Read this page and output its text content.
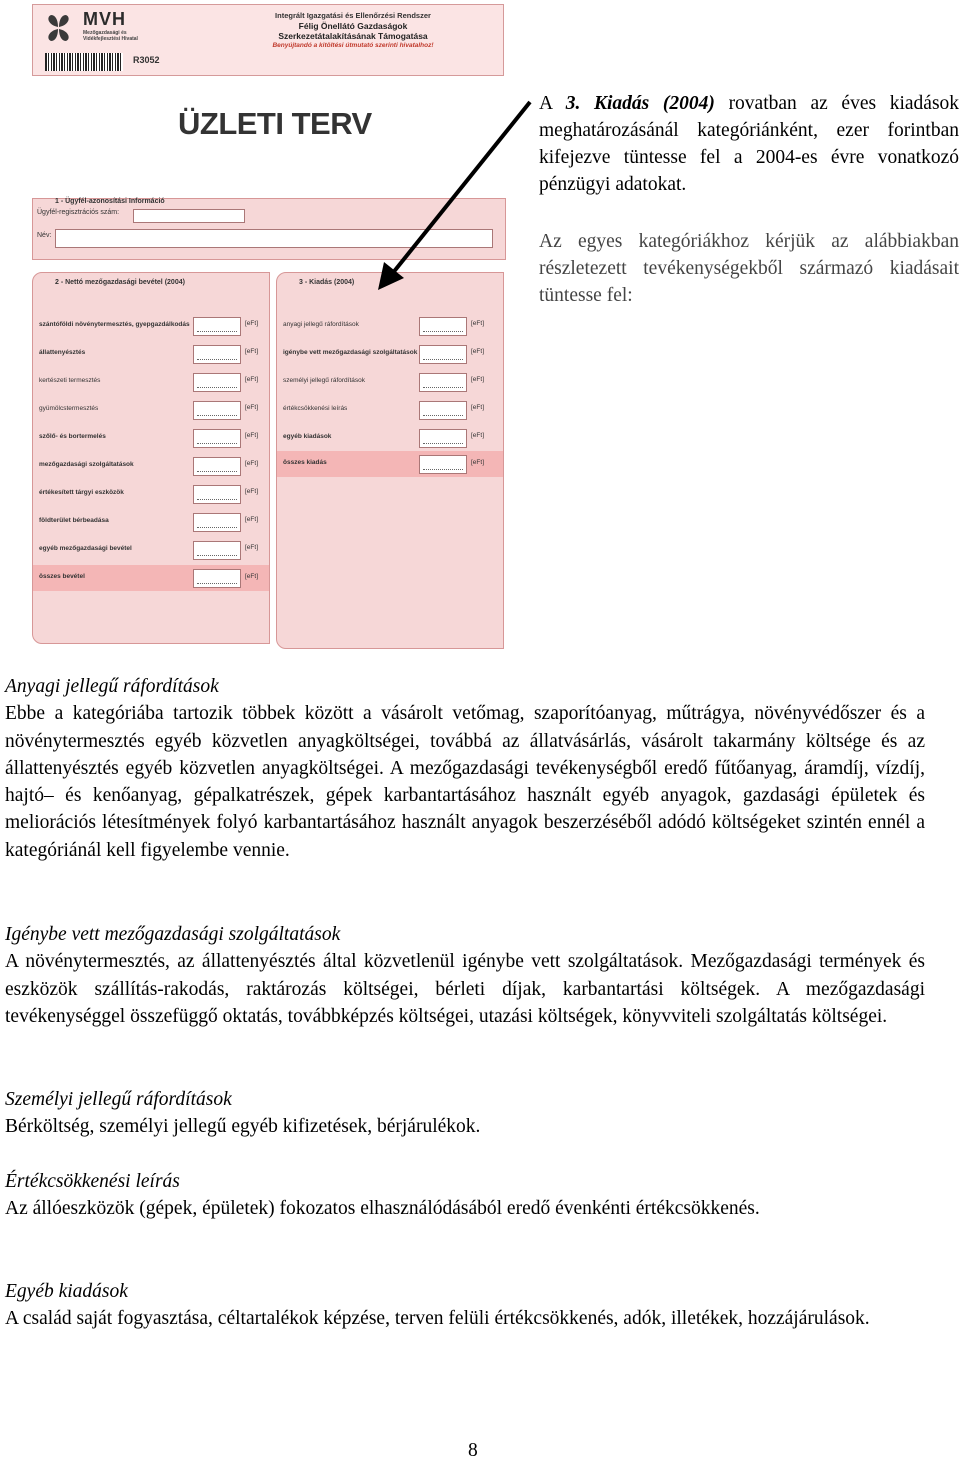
MVH
Mezőgazdasági és Vidékfejlesztési Hivatal
Integrált Igazgatási és Ellenőrzési Rendszer
Félig Önellátó Gazdaságok
Szerkezetátalakításának Támogatása
Benyújtandó a kitöltési útmutató szerinti hivatalhoz!
R3052
ÜZLETI TERV
1 - Ügyfél-azonosítási Információ
Ügyfél-regisztrációs szám:
Név:
2 - Nettó mezőgazdasági bevétel (2004)
szántóföldi növénytermesztés, gyepgazdálkodás	[eFt]
állattenyésztés	[eFt]
kertészeti termesztés	[eFt]
gyümölcstermesztés	[eFt]
szőlő- és bortermelés	[eFt]
mezőgazdasági szolgáltatások	[eFt]
értékesített tárgyi eszközök	[eFt]
földterület bérbeadása	[eFt]
egyéb mezőgazdasági bevétel	[eFt]
összes bevétel	[eFt]
3 - Kiadás (2004)
anyagi jellegű ráfordítások	[eFt]
igénybe vett mezőgazdasági szolgáltatások	[eFt]
személyi jellegű ráfordítások	[eFt]
értékcsökkenési leírás	[eFt]
egyéb kiadások	[eFt]
összes kiadás	[eFt]

A 3. Kiadás (2004) rovatban az éves kiadások meghatározásánál kategóriánként, ezer forintban kifejezve tüntesse fel a 2004-es évre vonatkozó pénzügyi adatokat.

Az egyes kategóriákhoz kérjük az alábbiakban részletezett tevékenységekből származó kiadásait tüntesse fel:

Anyagi jellegű ráfordítások

Ebbe a kategóriába tartozik többek között a vásárolt vetőmag, szaporítóanyag, műtrágya, növényvédőszer és a növénytermesztés egyéb közvetlen anyagköltségei, továbbá az állatvásárlás, vásárolt takarmány költsége és az állattenyésztés egyéb közvetlen anyagköltségei. A mezőgazdasági tevékenységből eredő fűtőanyag, áramdíj, vízdíj, hajtó– és kenőanyag, gépalkatrészek, gépek karbantartásához használt egyéb anyagok, gazdasági épületek és meliorációs létesítmények folyó karbantartásához használt anyagok beszerzéséből adódó költségeket szintén ennél a kategóriánál kell figyelembe vennie.

Igénybe vett mezőgazdasági szolgáltatások

A növénytermesztés, az állattenyésztés által közvetlenül igénybe vett szolgáltatások. Mezőgazdasági termények és eszközök szállítás-rakodás, raktározás költségei, bérleti díjak, karbantartási költségek. A mezőgazdasági tevékenységgel összefüggő oktatás, továbbképzés költségei, utazási költségek, könyvviteli szolgáltatás költségei.

Személyi jellegű ráfordítások

Bérköltség, személyi jellegű egyéb kifizetések, bérjárulékok.

Értékcsökkenési leírás

Az állóeszközök (gépek, épületek) fokozatos elhasználódásából eredő évenkénti értékcsökkenés.

Egyéb kiadások

A család saját fogyasztása, céltartalékok képzése, terven felüli értékcsökkenés, adók, illetékek, hozzájárulások.

8
